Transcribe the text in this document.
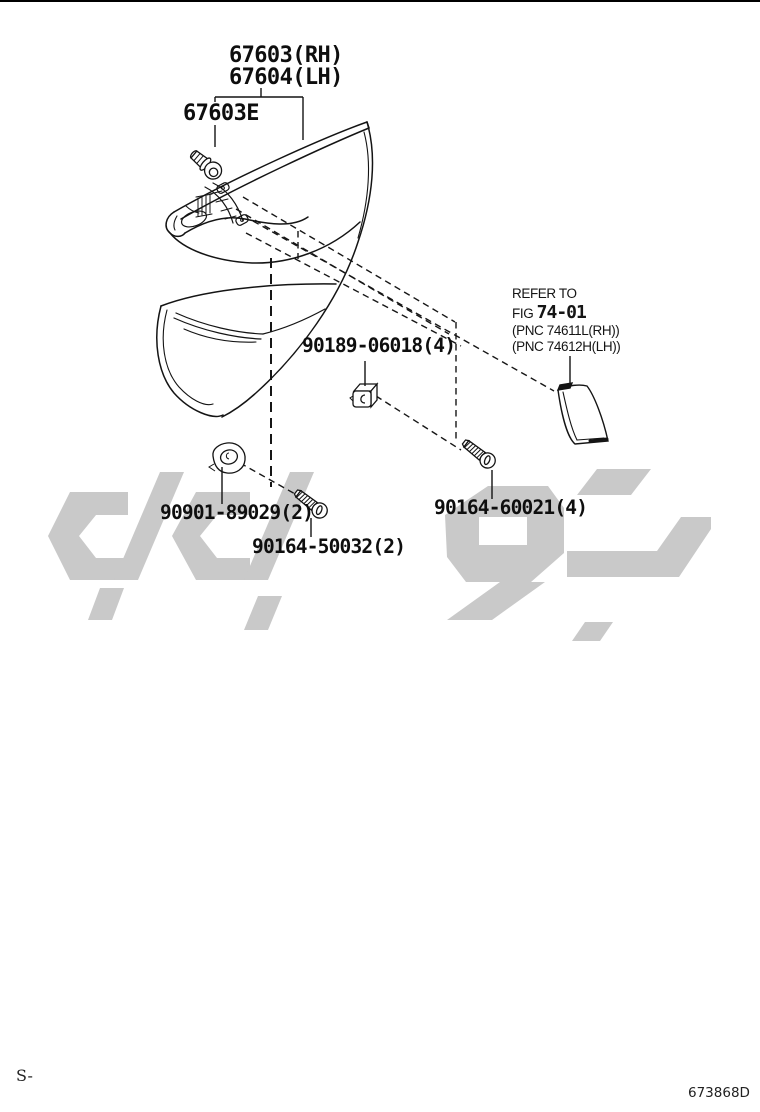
67603(RH)
67604(LH)
67603E
90189-06018(4)
90901-89029(2)
90164-50032(2)
90164-60021(4)
REFER TO
FIG 74-01
(PNC 74611L(RH))
(PNC 74612H(LH))
S-
673868D
